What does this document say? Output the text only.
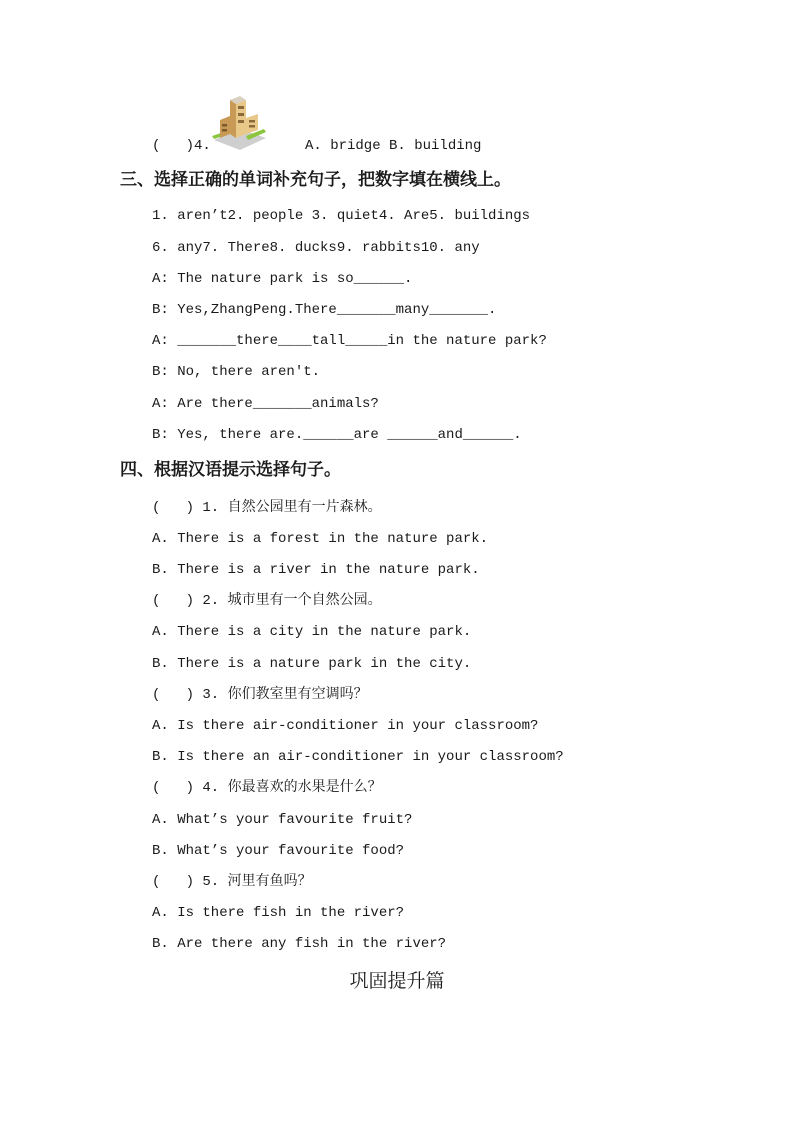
(   )4.	A. bridge B. building
三、选择正确的单词补充句子，把数字填在横线上。
1. aren’t2. people 3. quiet4. Are5. buildings
6. any7. There8. ducks9. rabbits10. any
A: The nature park is so______.
B: Yes,ZhangPeng.There_______many_______.
A: _______there____tall_____in the nature park?
B: No, there aren't.
A: Are there_______animals?
B: Yes, there are.______are ______and______.
四、根据汉语提示选择句子。
(   ) 1. 自然公园里有一片森林。
A. There is a forest in the nature park.
B. There is a river in the nature park.
(   ) 2. 城市里有一个自然公园。
A. There is a city in the nature park.
B. There is a nature park in the city.
(   ) 3. 你们教室里有空调吗？
A. Is there air-conditioner in your classroom?
B. Is there an air-conditioner in your classroom?
(   ) 4. 你最喜欢的水果是什么？
A. What’s your favourite fruit?
B. What’s your favourite food?
(   ) 5. 河里有鱼吗？
A. Is there fish in the river?
B. Are there any fish in the river?
巩固提升篇
